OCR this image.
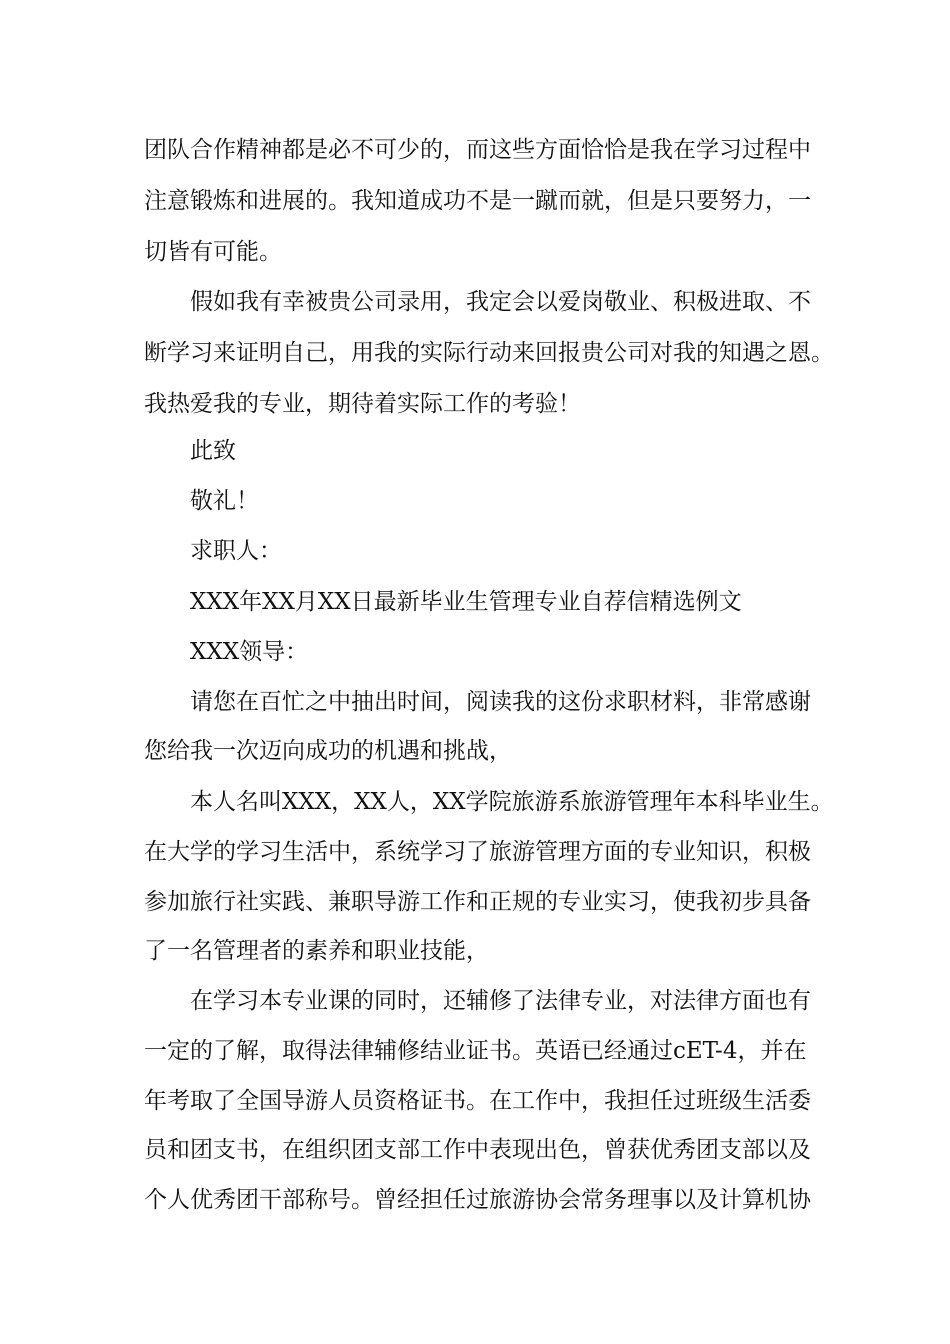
团队合作精神都是必不可少的，而这些方面恰恰是我在学习过程中
注意锻炼和进展的。我知道成功不是一蹴而就，但是只要努力，一
切皆有可能。
假如我有幸被贵公司录用，我定会以爱岗敬业、积极进取、不
断学习来证明自己，用我的实际行动来回报贵公司对我的知遇之恩。
我热爱我的专业，期待着实际工作的考验！
此致
敬礼！
求职人：
XXX年XX月XX日最新毕业生管理专业自荐信精选例文
XXX领导：
请您在百忙之中抽出时间，阅读我的这份求职材料，非常感谢
您给我一次迈向成功的机遇和挑战，
本人名叫XXX，XX人，XX学院旅游系旅游管理年本科毕业生。
在大学的学习生活中，系统学习了旅游管理方面的专业知识，积极
参加旅行社实践、兼职导游工作和正规的专业实习，使我初步具备
了一名管理者的素养和职业技能，
在学习本专业课的同时，还辅修了法律专业，对法律方面也有
一定的了解，取得法律辅修结业证书。英语已经通过cET-4，并在
年考取了全国导游人员资格证书。在工作中，我担任过班级生活委
员和团支书，在组织团支部工作中表现出色，曾获优秀团支部以及
个人优秀团干部称号。曾经担任过旅游协会常务理事以及计算机协
